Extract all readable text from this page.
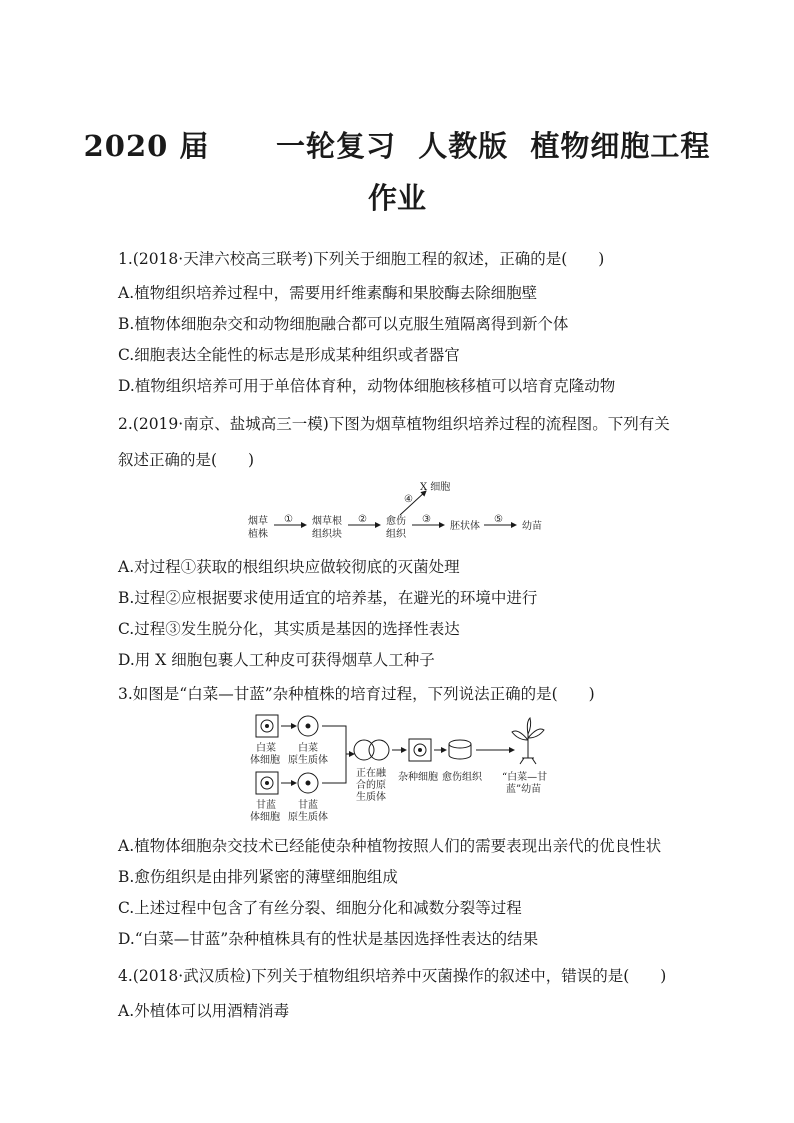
2020 届      一轮复习  人教版  植物细胞工程
作业
1.(2018·天津六校高三联考)下列关于细胞工程的叙述，正确的是(　　)
A.植物组织培养过程中，需要用纤维素酶和果胶酶去除细胞壁
B.植物体细胞杂交和动物细胞融合都可以克服生殖隔离得到新个体
C.细胞表达全能性的标志是形成某种组织或者器官
D.植物组织培养可用于单倍体育种，动物体细胞核移植可以培育克隆动物
2.(2019·南京、盐城高三一模)下图为烟草植物组织培养过程的流程图。下列有关
叙述正确的是(　　)
烟草
植株
① 烟草根
组织块
② 愈伤
组织
③
胚状体
⑤
幼苗
④
X 细胞
A.对过程①获取的根组织块应做较彻底的灭菌处理
B.过程②应根据要求使用适宜的培养基，在避光的环境中进行
C.过程③发生脱分化，其实质是基因的选择性表达
D.用 X 细胞包裹人工种皮可获得烟草人工种子
3.如图是“白菜—甘蓝”杂种植株的培育过程，下列说法正确的是(　　)
白菜
体细胞
白菜
原生质体
甘蓝
体细胞
甘蓝
原生质体
正在融
合的原
生质体
杂种细胞 愈伤组织 “白菜—甘
蓝”幼苗
A.植物体细胞杂交技术已经能使杂种植物按照人们的需要表现出亲代的优良性状
B.愈伤组织是由排列紧密的薄壁细胞组成
C.上述过程中包含了有丝分裂、细胞分化和减数分裂等过程
D.“白菜—甘蓝”杂种植株具有的性状是基因选择性表达的结果
4.(2018·武汉质检)下列关于植物组织培养中灭菌操作的叙述中，错误的是(　　)
A.外植体可以用酒精消毒
